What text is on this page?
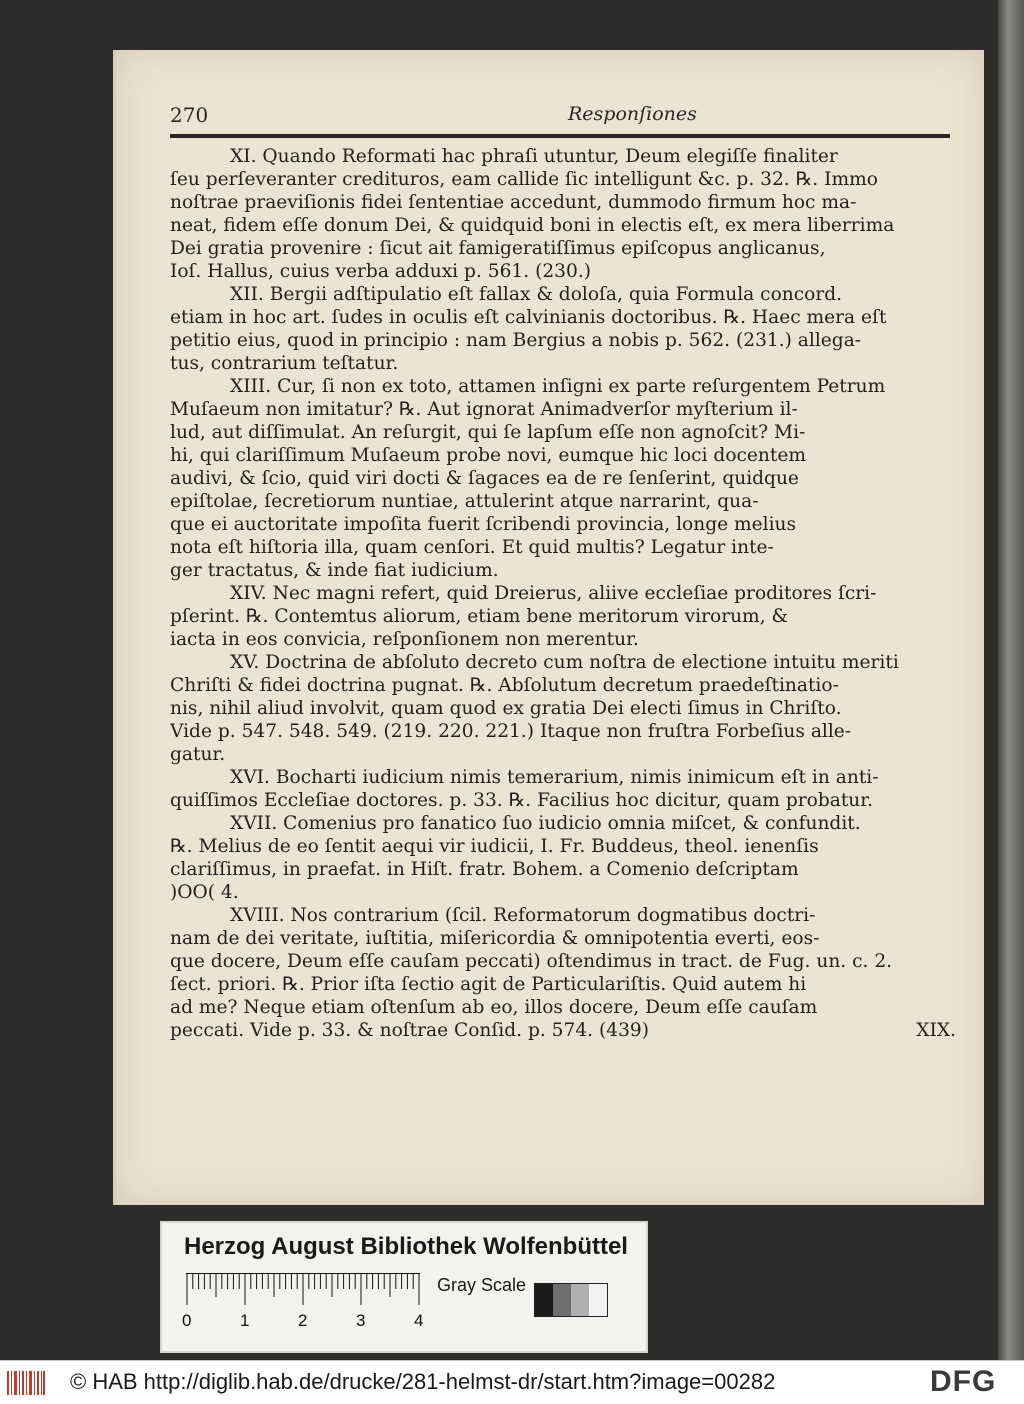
270	Responſiones
XI. Quando Reformati hac phraſi utuntur, Deum elegiſſe finaliter
ſeu perſeveranter credituros, eam callide ſic intelligunt &c. p. 32. ℞. Immo
noſtrae praeviſionis fidei ſententiae accedunt, dummodo firmum hoc ma-
neat, fidem eſſe donum Dei, & quidquid boni in electis eſt, ex mera liberrima
Dei gratia provenire : ſicut ait famigeratiſſimus epiſcopus anglicanus,
Ioſ. Hallus, cuius verba adduxi p. 561. (230.)
XII. Bergii adſtipulatio eſt fallax & doloſa, quia Formula concord.
etiam in hoc art. ſudes in oculis eſt calvinianis doctoribus. ℞. Haec mera eſt
petitio eius, quod in principio : nam Bergius a nobis p. 562. (231.) allega-
tus, contrarium teſtatur.
XIII. Cur, ſi non ex toto, attamen inſigni ex parte reſurgentem Petrum
Muſaeum non imitatur? ℞. Aut ignorat Animadverſor myſterium il-
lud, aut diſſimulat. An reſurgit, qui ſe lapſum eſſe non agnoſcit? Mi-
hi, qui clariſſimum Muſaeum probe novi, eumque hic loci docentem
audivi, & ſcio, quid viri docti & ſagaces ea de re ſenſerint, quidque
epiſtolae, ſecretiorum nuntiae, attulerint atque narrarint, qua-
que ei auctoritate impoſita fuerit ſcribendi provincia, longe melius
nota eſt hiſtoria illa, quam cenſori. Et quid multis? Legatur inte-
ger tractatus, & inde fiat iudicium.
XIV. Nec magni refert, quid Dreierus, aliive eccleſiae proditores ſcri-
pſerint. ℞. Contemtus aliorum, etiam bene meritorum virorum, &
iacta in eos convicia, reſponſionem non merentur.
XV. Doctrina de abſoluto decreto cum noſtra de electione intuitu meriti
Chriſti & fidei doctrina pugnat. ℞. Abſolutum decretum praedeſtinatio-
nis, nihil aliud involvit, quam quod ex gratia Dei electi ſimus in Chriſto.
Vide p. 547. 548. 549. (219. 220. 221.) Itaque non fruſtra Forbeſius alle-
gatur.
XVI. Bocharti iudicium nimis temerarium, nimis inimicum eſt in anti-
quiſſimos Eccleſiae doctores. p. 33. ℞. Facilius hoc dicitur, quam probatur.
XVII. Comenius pro fanatico ſuo iudicio omnia miſcet, & confundit.
℞. Melius de eo ſentit aequi vir iudicii, I. Fr. Buddeus, theol. ienenſis
clariſſimus, in praefat. in Hiſt. fratr. Bohem. a Comenio deſcriptam
)OO( 4.
XVIII. Nos contrarium (ſcil. Reformatorum dogmatibus doctri-
nam de dei veritate, iuſtitia, miſericordia & omnipotentia everti, eos-
que docere, Deum eſſe cauſam peccati) oſtendimus in tract. de Fug. un. c. 2.
ſect. priori. ℞. Prior iſta ſectio agit de Particulariſtis. Quid autem hi
ad me? Neque etiam oſtenſum ab eo, illos docere, Deum eſſe cauſam
peccati. Vide p. 33. & noſtrae Conſid. p. 574. (439)	XIX.
Herzog August Bibliothek Wolfenbüttel
0	1	2	3	4
Gray Scale
© HAB http://diglib.hab.de/drucke/281-helmst-dr/start.htm?image=00282	DFG
